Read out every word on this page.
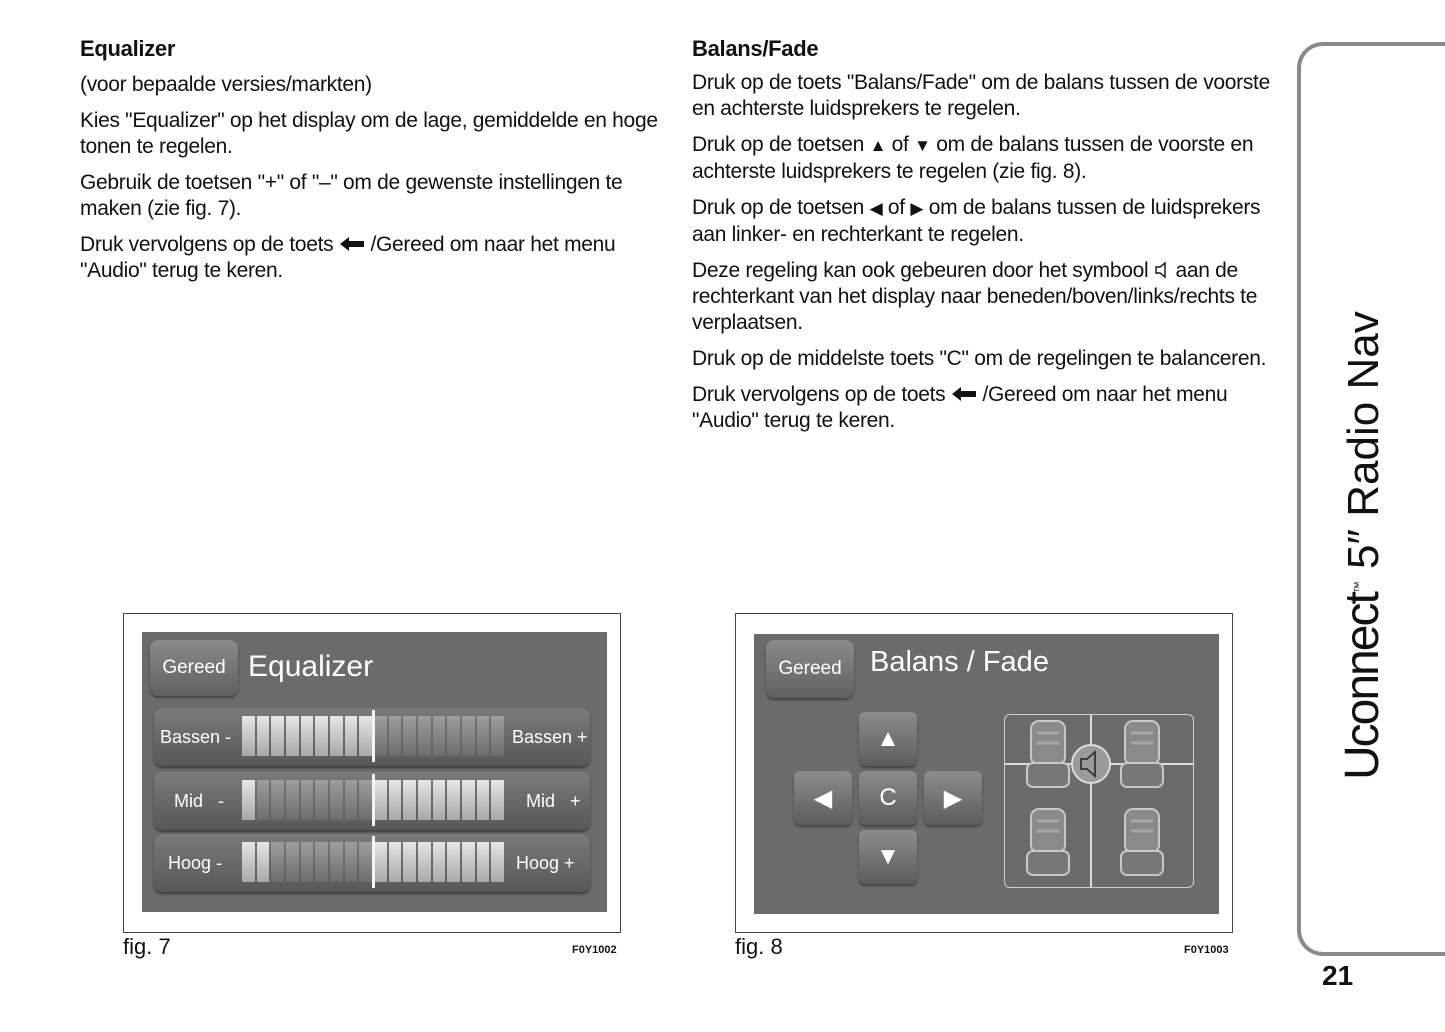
Equalizer

(voor bepaalde versies/markten)

Kies "Equalizer" op het display om de lage, gemiddelde en hoge tonen te regelen.

Gebruik de toetsen "+" of "–" om de gewenste instellingen te maken (zie fig. 7).

Druk vervolgens op de toets /Gereed om naar het menu "Audio" terug te keren.

Balans/Fade

Druk op de toets "Balans/Fade" om de balans tussen de voorste en achterste luidsprekers te regelen.

Druk op de toetsen ▲ of ▼ om de balans tussen de voorste en achterste luidsprekers te regelen (zie fig. 8).

Druk op de toetsen ◀ of ▶ om de balans tussen de luidsprekers aan linker- en rechterkant te regelen.

Deze regeling kan ook gebeuren door het symbool aan de rechterkant van het display naar beneden/boven/links/rechts te verplaatsen.

Druk op de middelste toets "C" om de regelingen te balanceren.

Druk vervolgens op de toets /Gereed om naar het menu "Audio" terug te keren.

Gereed Equalizer
Bassen -	Bassen +
Mid   -	Mid   +
Hoog -	Hoog +
fig. 7	F0Y1002
Gereed Balans / Fade
▲
◀	C	▶
▼
fig. 8	F0Y1003
Uconnect™ 5″ Radio Nav
21
